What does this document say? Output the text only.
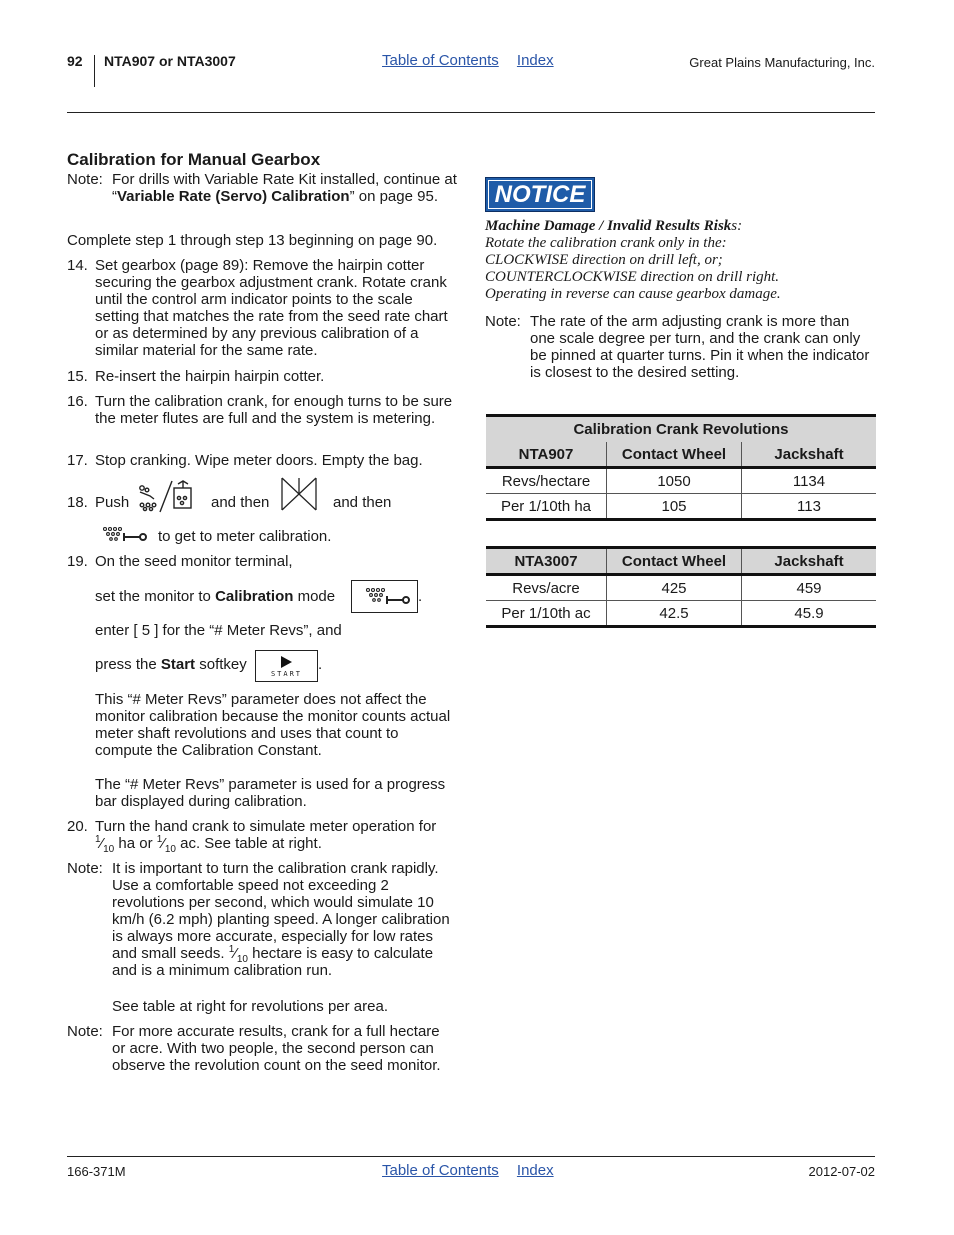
92 NTA907 or NTA3007	Table of Contents Index	Great Plains Manufacturing, Inc.
Calibration for Manual Gearbox
Note: For drills with Variable Rate Kit installed, continue at “Variable Rate (Servo) Calibration” on page 95.
Complete step 1 through step 13 beginning on page 90.
14. Set gearbox (page 89): Remove the hairpin cotter securing the gearbox adjustment crank. Rotate crank until the control arm indicator points to the scale setting that matches the rate from the seed rate chart or as determined by any previous calibration of a similar material for the same rate.
15. Re-insert the hairpin hairpin cotter.
16. Turn the calibration crank, for enough turns to be sure the meter flutes are full and the system is metering.
17. Stop cranking. Wipe meter doors. Empty the bag.
18. Push	and then	and then
to get to meter calibration.
19. On the seed monitor terminal,
set the monitor to Calibration mode	.
enter [ 5 ] for the “# Meter Revs”, and
press the Start softkey
START
.
This “# Meter Revs” parameter does not affect the monitor calibration because the monitor counts actual meter shaft revolutions and uses that count to compute the Calibration Constant.
The “# Meter Revs” parameter is used for a progress bar displayed during calibration.
20. Turn the hand crank to simulate meter operation for $^1⁄_{10}$ ha or $^1⁄_{10}$ ac. See table at right.
Note: It is important to turn the calibration crank rapidly. Use a comfortable speed not exceeding 2 revolutions per second, which would simulate 10 km/h (6.2 mph) planting speed. A longer calibration is always more accurate, especially for low rates and small seeds. $^1⁄_{10}$ hectare is easy to calculate and is a minimum calibration run.
See table at right for revolutions per area.
Note: For more accurate results, crank for a full hectare or acre. With two people, the second person can observe the revolution count on the seed monitor.
NOTICE
Machine Damage / Invalid Results Risks:
Rotate the calibration crank only in the:
CLOCKWISE direction on drill left, or;
COUNTERCLOCKWISE direction on drill right.
Operating in reverse can cause gearbox damage.
Note: The rate of the arm adjusting crank is more than one scale degree per turn, and the crank can only be pinned at quarter turns. Pin it when the indicator is closest to the desired setting.
Calibration Crank Revolutions
NTA907	Contact Wheel	Jackshaft
Revs/hectare	1050	1134
Per 1/10th ha	105	113
NTA3007	Contact Wheel	Jackshaft
Revs/acre	425	459
Per 1/10th ac	42.5	45.9
166-371M	Table of Contents Index	2012-07-02
